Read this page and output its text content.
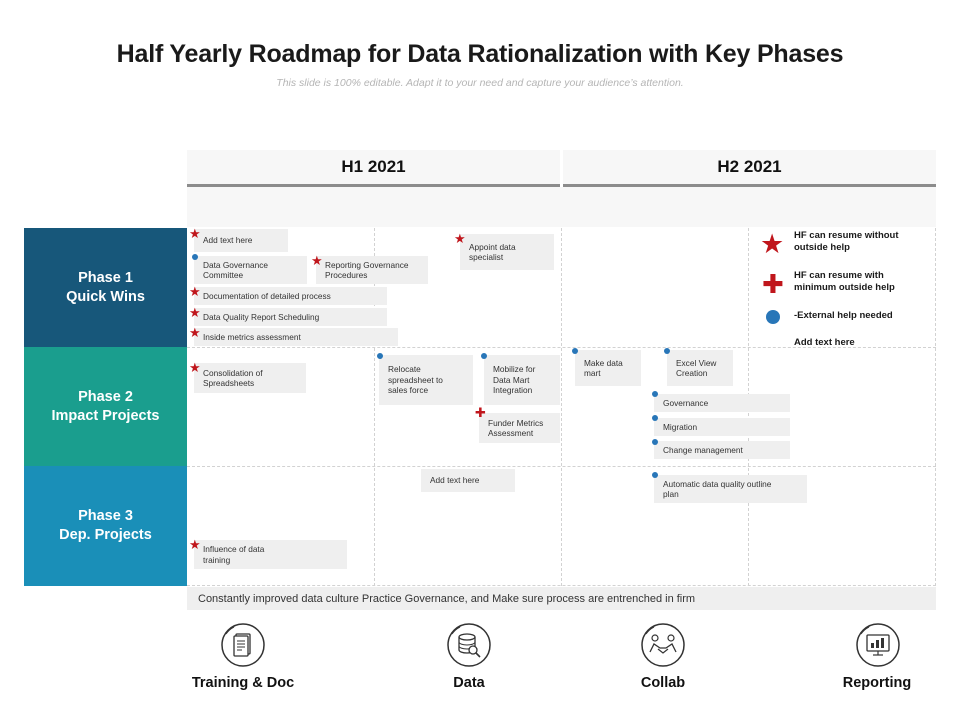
Half Yearly Roadmap for Data Rationalization with Key Phases
This slide is 100% editable. Adapt it to your need and capture your audience’s attention.
H1 2021	H2 2021
Phase 1
Quick Wins
Phase 2
Impact Projects
Phase 3
Dep. Projects
Add text here
Data Governance Committee
Reporting Governance Procedures
Documentation of detailed process
Data Quality Report Scheduling
Inside metrics assessment
Appoint data specialist
Consolidation of Spreadsheets
Relocate spreadsheet to sales force
Mobilize for Data Mart Integration
Funder Metrics Assessment
Make data mart
Excel View Creation
Governance
Migration
Change management
Add text here	Automatic data quality outline plan
Influence of data training
★
★
★
★
★
★
★
✚
★
★ HF can resume without outside help
✚ HF can resume with minimum outside help
-External help needed
Add text here
Constantly improved data culture Practice Governance, and Make sure process are entrenched in firm
Training & Doc	Data	Collab	Reporting
